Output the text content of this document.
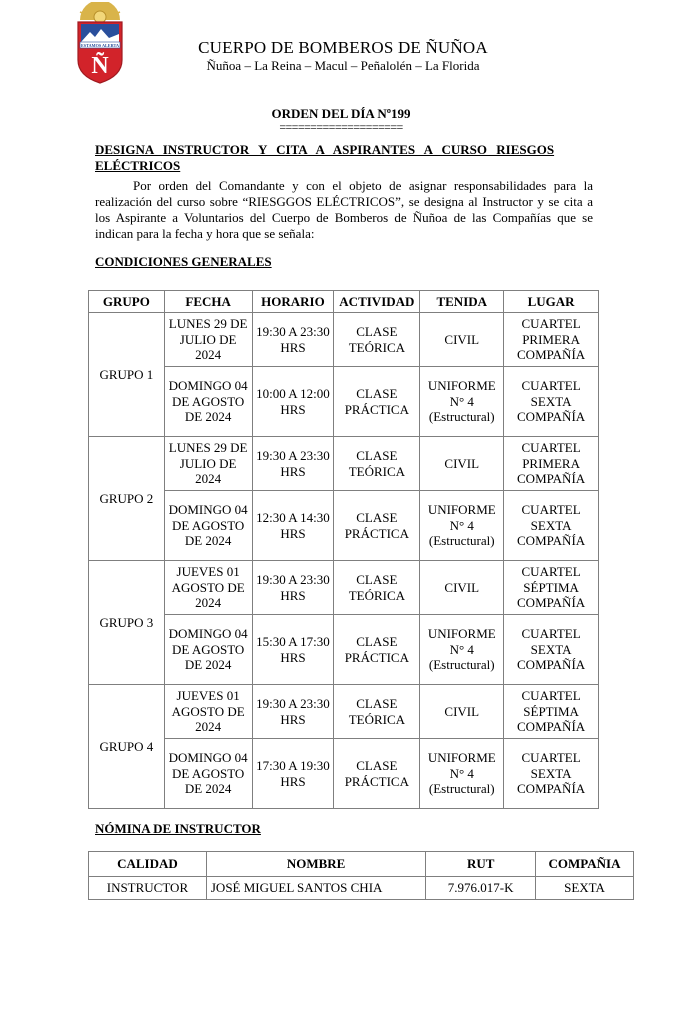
ESTAMOS ALERTA
Ñ
CUERPO DE BOMBEROS DE ÑUÑOA
Ñuñoa – La Reina – Macul – Peñalolén – La Florida
ORDEN DEL DÍA Nº199
====================
DESIGNA INSTRUCTOR Y CITA A ASPIRANTES A CURSO RIESGOS
ELÉCTRICOS
Por orden del Comandante y con el objeto de asignar responsabilidades para la realización del curso sobre “RIESGGOS ELÉCTRICOS”, se designa al Instructor y se cita a los Aspirante a Voluntarios del Cuerpo de Bomberos de Ñuñoa de las Compañías que se indican para la fecha y hora que se señala:
CONDICIONES GENERALES
GRUPO	FECHA	HORARIO	ACTIVIDAD	TENIDA	LUGAR
GRUPO 1	LUNES 29 DE JULIO DE 2024	19:30 A 23:30 HRS	CLASE TEÓRICA	CIVIL	CUARTEL PRIMERA COMPAÑÍA
	DOMINGO 04 DE AGOSTO DE 2024	10:00 A 12:00 HRS	CLASE PRÁCTICA	UNIFORME N° 4 (Estructural)	CUARTEL SEXTA COMPAÑÍA
GRUPO 2	LUNES 29 DE JULIO DE 2024	19:30 A 23:30 HRS	CLASE TEÓRICA	CIVIL	CUARTEL PRIMERA COMPAÑÍA
	DOMINGO 04 DE AGOSTO DE 2024	12:30 A 14:30 HRS	CLASE PRÁCTICA	UNIFORME N° 4 (Estructural)	CUARTEL SEXTA COMPAÑÍA
GRUPO 3	JUEVES 01 AGOSTO DE 2024	19:30 A 23:30 HRS	CLASE TEÓRICA	CIVIL	CUARTEL SÉPTIMA COMPAÑÍA
	DOMINGO 04 DE AGOSTO DE 2024	15:30 A 17:30 HRS	CLASE PRÁCTICA	UNIFORME N° 4 (Estructural)	CUARTEL SEXTA COMPAÑÍA
GRUPO 4	JUEVES 01 AGOSTO DE 2024	19:30 A 23:30 HRS	CLASE TEÓRICA	CIVIL	CUARTEL SÉPTIMA COMPAÑÍA
	DOMINGO 04 DE AGOSTO DE 2024	17:30 A 19:30 HRS	CLASE PRÁCTICA	UNIFORME N° 4 (Estructural)	CUARTEL SEXTA COMPAÑÍA
NÓMINA DE INSTRUCTOR
CALIDAD	NOMBRE	RUT	COMPAÑIA
INSTRUCTOR	JOSÉ MIGUEL SANTOS CHIA	7.976.017-K	SEXTA
